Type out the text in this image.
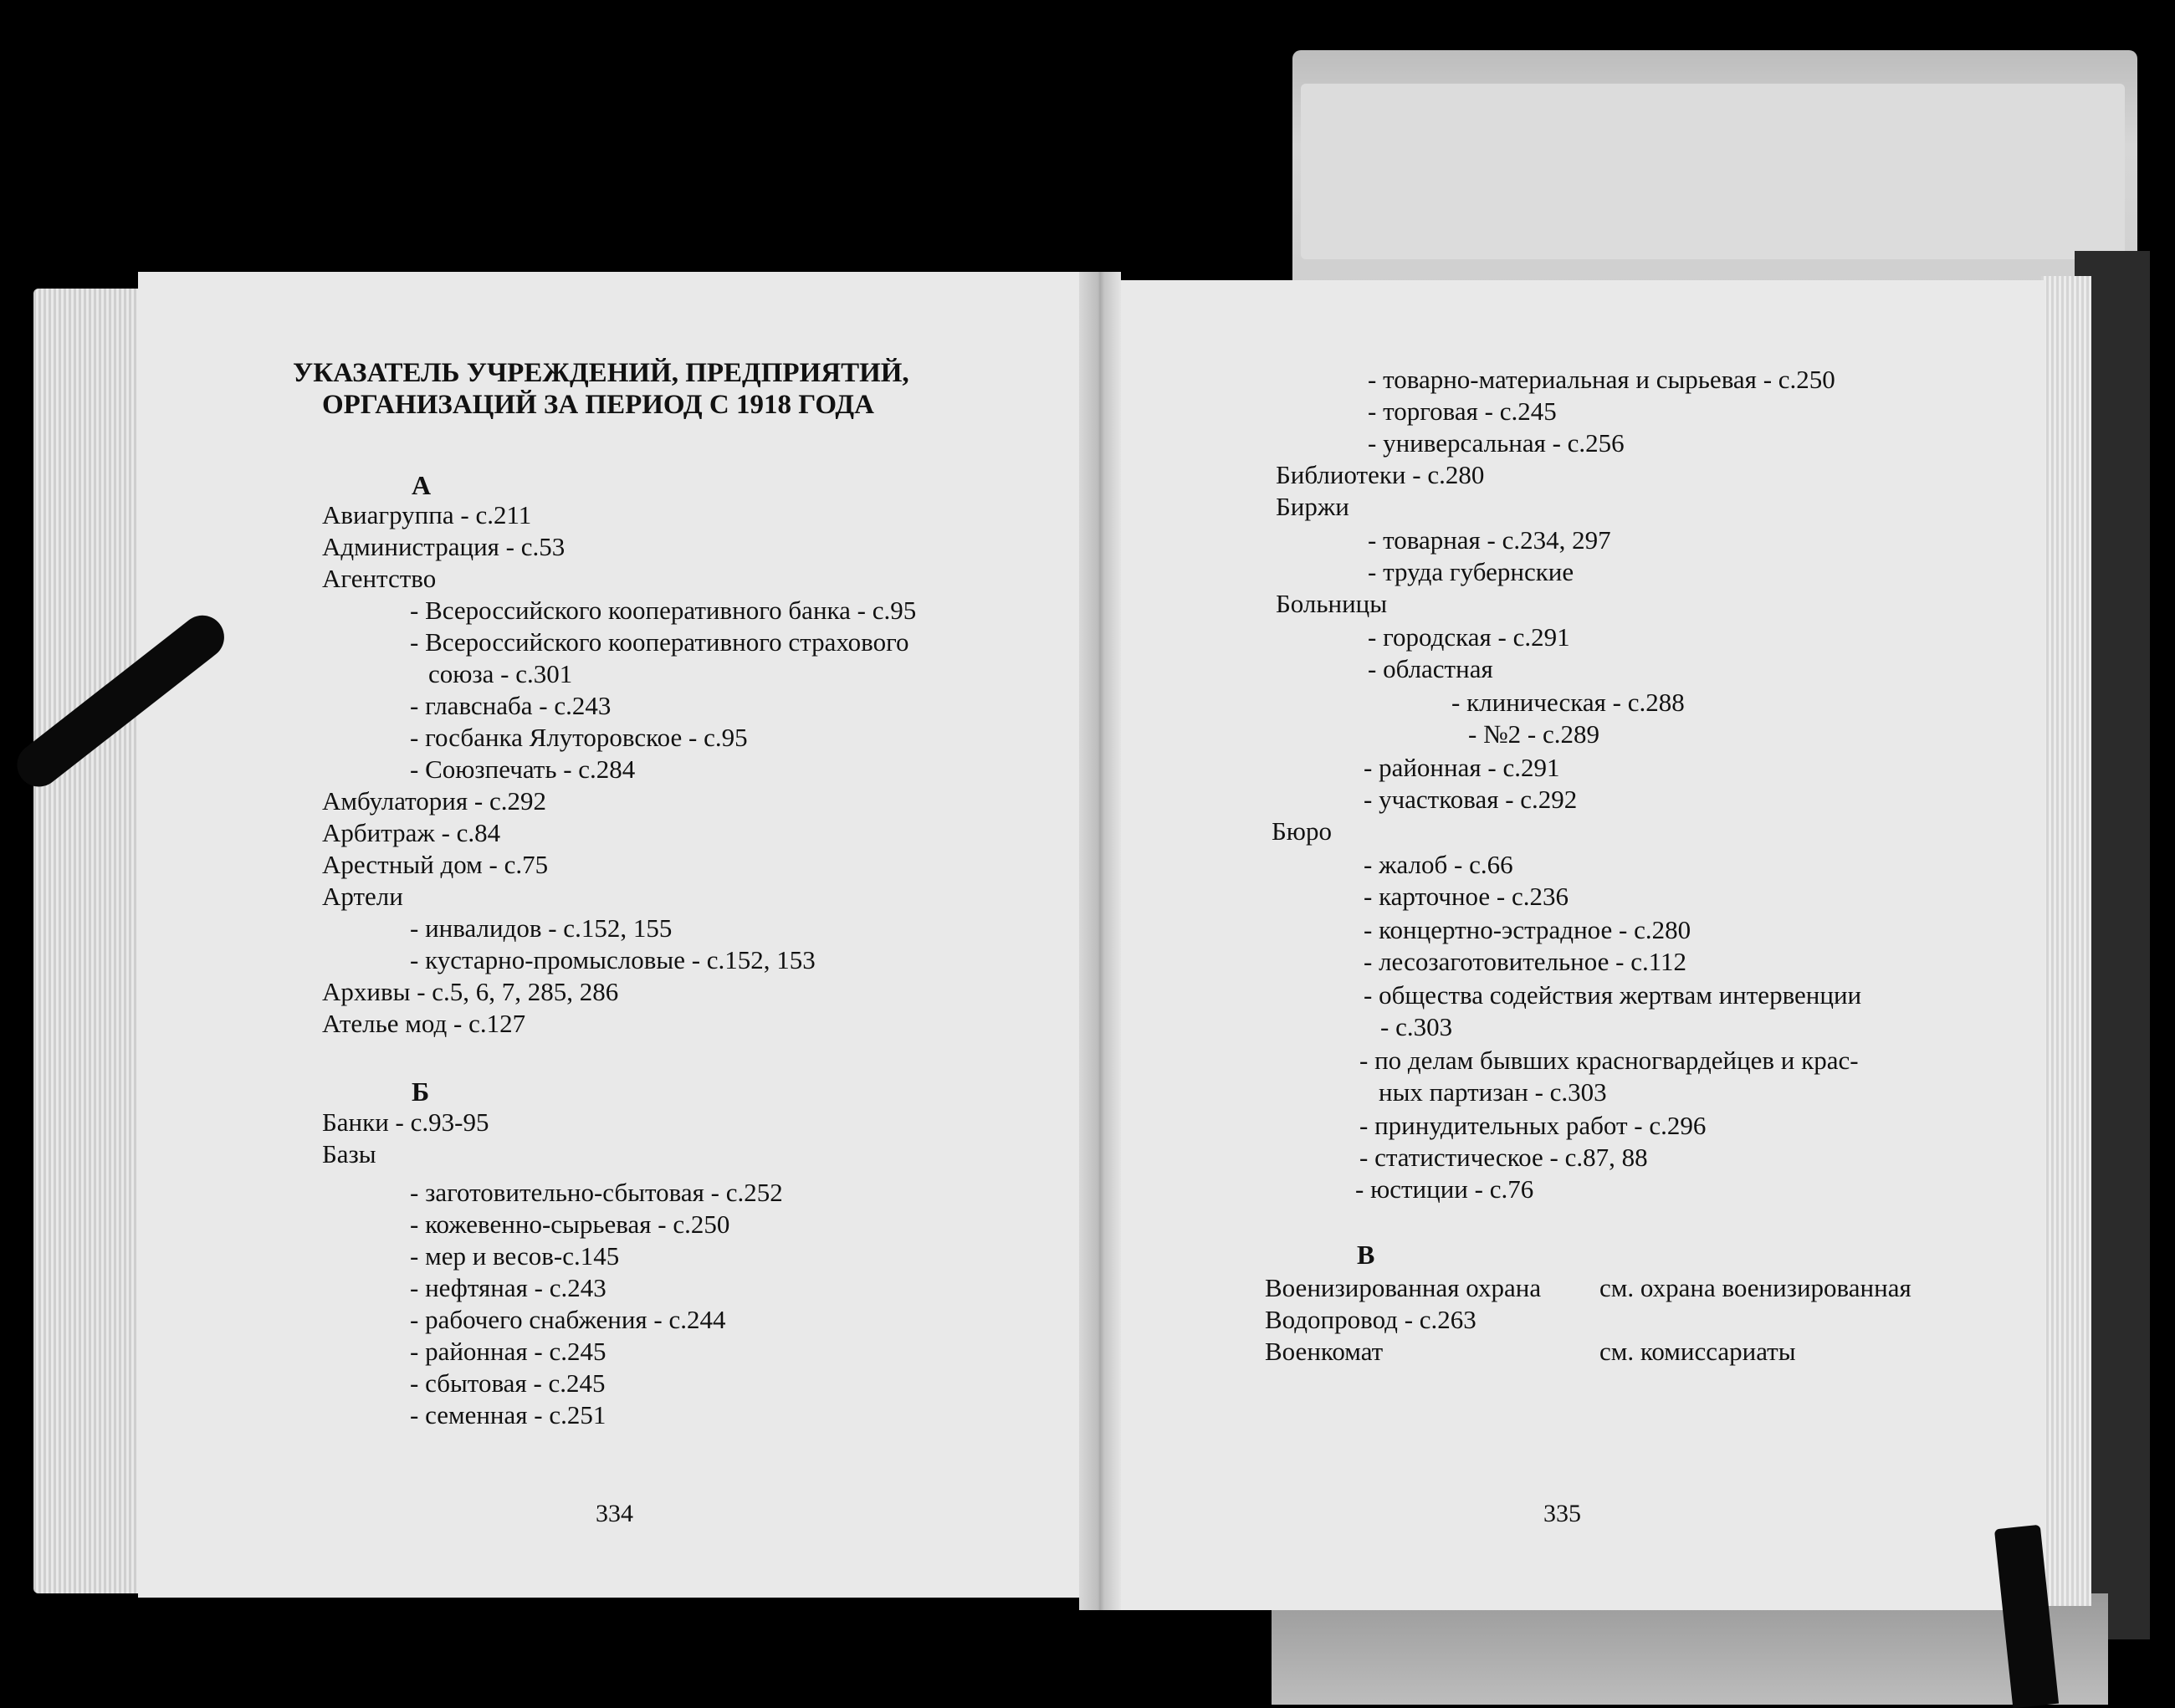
УКАЗАТЕЛЬ УЧРЕЖДЕНИЙ, ПРЕДПРИЯТИЙ,
ОРГАНИЗАЦИЙ ЗА ПЕРИОД С 1918 ГОДА
А
Авиагруппа - с.211
Администрация - с.53
Агентство
- Всероссийского кооперативного банка - с.95
- Всероссийского кооперативного страхового
союза - с.301
- главснаба - с.243
- госбанка Ялуторовское - с.95
- Союзпечать - с.284
Амбулатория - с.292
Арбитраж - с.84
Арестный дом - с.75
Артели
- инвалидов - с.152, 155
- кустарно-промысловые - с.152, 153
Архивы - с.5, 6, 7, 285, 286
Ателье мод - с.127
Б
Банки - с.93-95
Базы
- заготовительно-сбытовая - с.252
- кожевенно-сырьевая - с.250
- мер и весов-с.145
- нефтяная - с.243
- рабочего снабжения - с.244
- районная - с.245
- сбытовая - с.245
- семенная - с.251
334
- товарно-материальная и сырьевая - с.250
- торговая - с.245
- универсальная - с.256
Библиотеки - с.280
Биржи
- товарная - с.234, 297
- труда губернские
Больницы
- городская - с.291
- областная
- клиническая - с.288
- №2 - с.289
- районная - с.291
- участковая - с.292
Бюро
- жалоб - с.66
- карточное - с.236
- концертно-эстрадное - с.280
- лесозаготовительное - с.112
- общества содействия жертвам интервенции
- с.303
- по делам бывших красногвардейцев и крас-
ных партизан - с.303
- принудительных работ - с.296
- статистическое - с.87, 88
- юстиции - с.76
В
Военизированная охрана см. охрана военизированная
Водопровод - с.263
Военкомат	см. комиссариаты
335
